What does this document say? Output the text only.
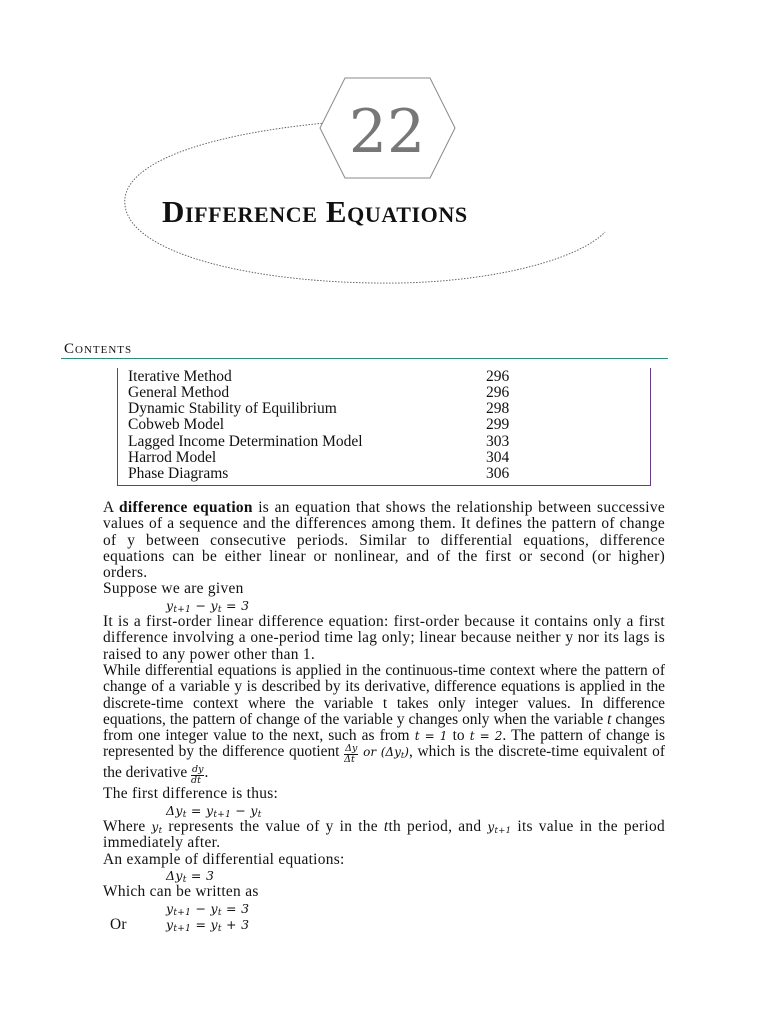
22
Difference Equations
Contents
Iterative Method	296
General Method	296
Dynamic Stability of Equilibrium	298
Cobweb Model	299
Lagged Income Determination Model	303
Harrod Model	304
Phase Diagrams	306

A difference equation is an equation that shows the relationship between successive values of a sequence and the differences among them. It defines the pattern of change of y between consecutive periods. Similar to differential equations, difference equations can be either linear or nonlinear, and of the first or second (or higher) orders.

Suppose we are given

$y_{t+1} - y_t = 3$

It is a first-order linear difference equation: first-order because it contains only a first difference involving a one-period time lag only; linear because neither y nor its lags is raised to any power other than 1.

While differential equations is applied in the continuous-time context where the pattern of change of a variable y is described by its derivative, difference equations is applied in the discrete-time context where the variable t takes only integer values. In difference equations, the pattern of change of the variable y changes only when the variable t changes from one integer value to the next, such as from t = 1 to t = 2. The pattern of change is represented by the difference quotient $\frac{\Delta y}{\Delta t}$ or $(\Delta y_t)$, which is the discrete-time equivalent of the derivative $\frac{dy}{dt}$ .

The first difference is thus:

$\Delta y_t = y_{t+1} - y_t$

Where $y_t$ represents the value of y in the tth period, and $y_{t+1}$ its value in the period immediately after.

An example of differential equations:

$\Delta y_t = 3$

Which can be written as

$y_{t+1} - y_t = 3$
Or	$y_{t+1} = y_t + 3$
